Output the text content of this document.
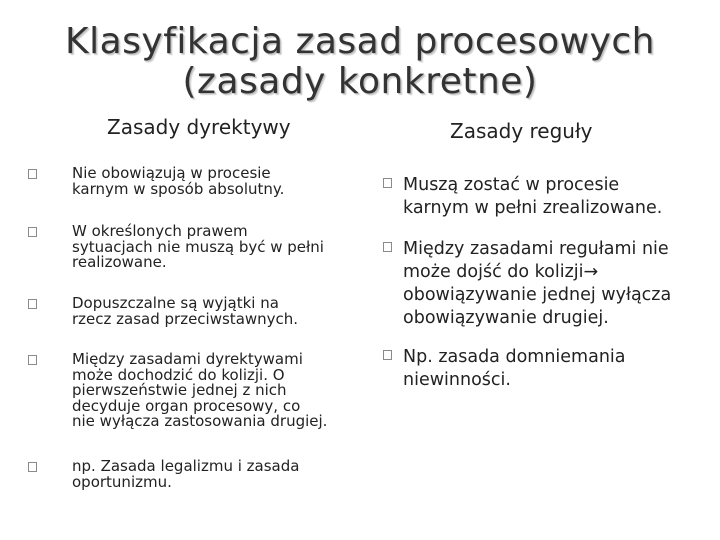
Klasyfikacja zasad procesowych
(zasady konkretne)
Zasady dyrektywy	Zasady reguły
Nie obowiązują w procesie
karnym w sposób absolutny.
W określonych prawem
sytuacjach nie muszą być w pełni
realizowane.
Dopuszczalne są wyjątki na
rzecz zasad przeciwstawnych.
Między zasadami dyrektywami
może dochodzić do kolizji. O
pierwszeństwie jednej z nich
decyduje organ procesowy, co
nie wyłącza zastosowania drugiej.
np. Zasada legalizmu i zasada
oportunizmu.
Muszą zostać w procesie
karnym w pełni zrealizowane.
Między zasadami regułami nie
może dojść do kolizji→
obowiązywanie jednej wyłącza
obowiązywanie drugiej.
Np. zasada domniemania
niewinności.
